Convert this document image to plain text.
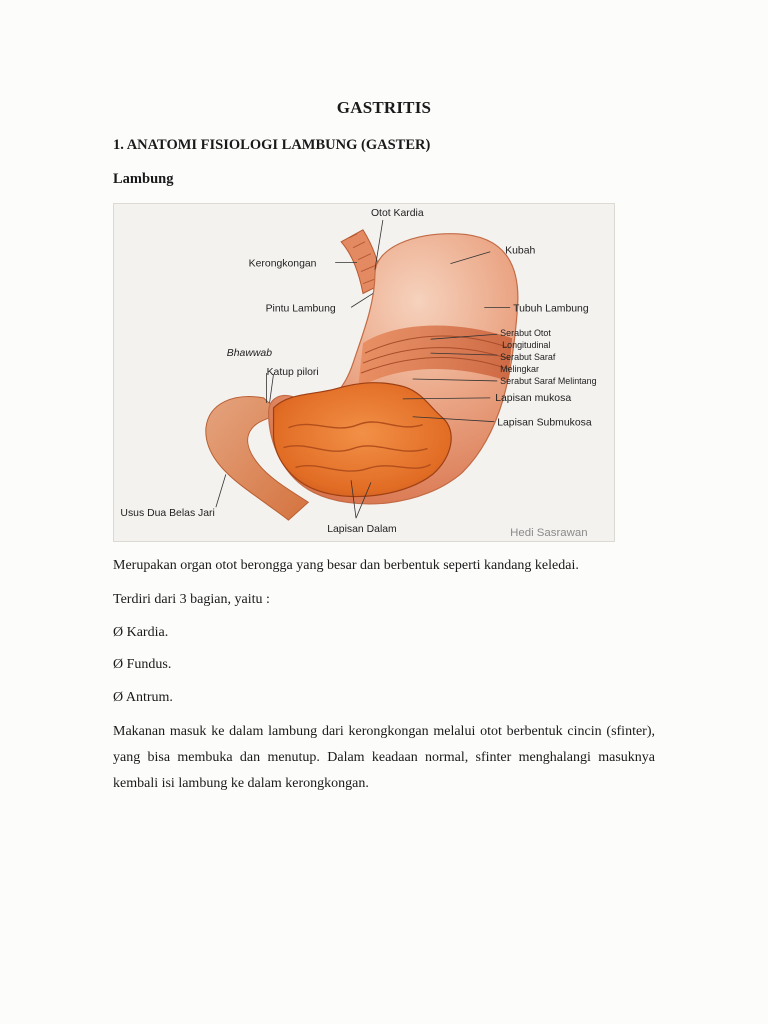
GASTRITIS
1. ANATOMI FISIOLOGI LAMBUNG (GASTER)
Lambung
Otot Kardia
Kerongkongan
Kubah
Pintu Lambung	Tubuh Lambung
Serabut Otot
Longitudinal
Serabut Saraf
Melingkar
Serabut Saraf Melintang
Lapisan mukosa
Lapisan Submukosa
Bhawwab
Katup pilori
Usus Dua Belas Jari
Lapisan Dalam	Hedi Sasrawan
Merupakan organ otot berongga yang besar dan berbentuk seperti kandang keledai.
Terdiri dari 3 bagian, yaitu :
Ø Kardia.
Ø Fundus.
Ø Antrum.
Makanan masuk ke dalam lambung dari kerongkongan melalui otot berbentuk cincin (sfinter), yang bisa membuka dan menutup. Dalam keadaan normal, sfinter menghalangi masuknya kembali isi lambung ke dalam kerongkongan.
